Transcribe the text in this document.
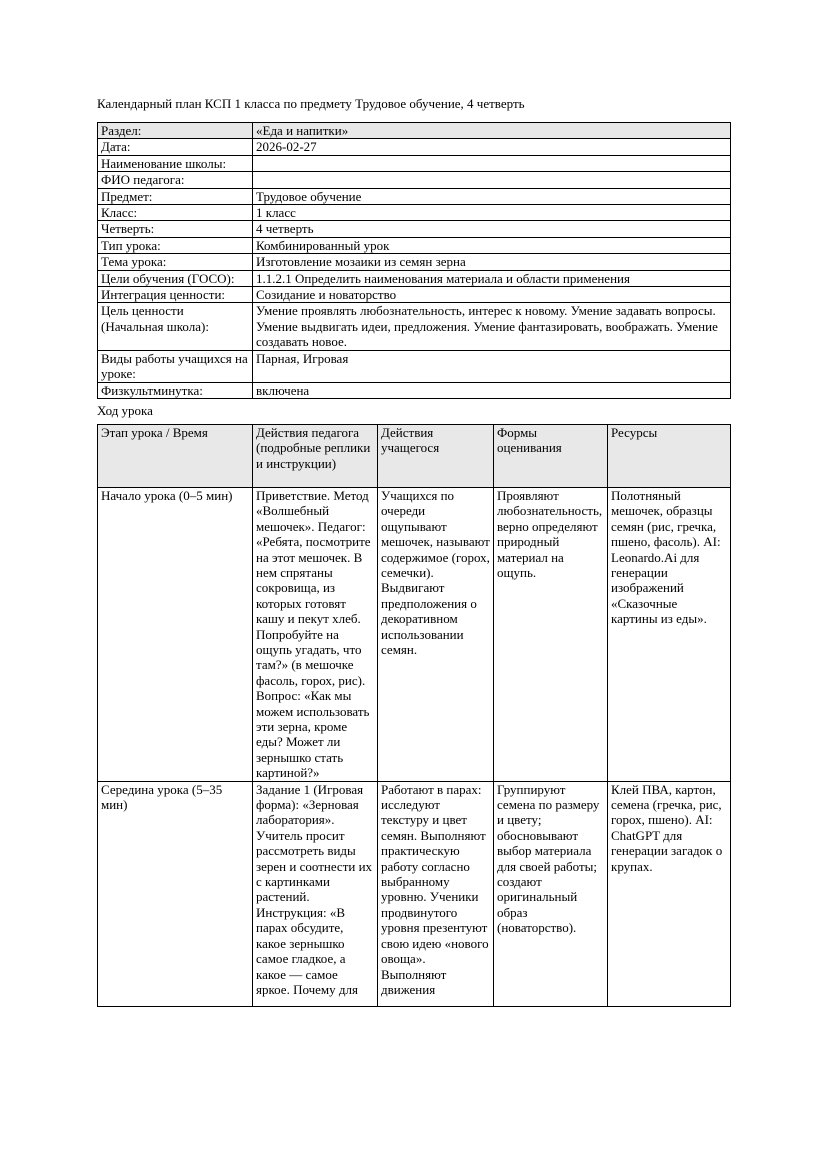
Календарный план КСП 1 класса по предмету Трудовое обучение, 4 четверть

Раздел:	«Еда и напитки»
Дата:	2026-02-27
Наименование школы:	
ФИО педагога:	
Предмет:	Трудовое обучение
Класс:	1 класс
Четверть:	4 четверть
Тип урока:	Комбинированный урок
Тема урока:	Изготовление мозаики из семян зерна
Цели обучения (ГОСО):	1.1.2.1 Определить наименования материала и области применения
Интеграция ценности:	Созидание и новаторство
Цель ценности (Начальная школа):	Умение проявлять любознательность, интерес к новому. Умение задавать вопросы. Умение выдвигать идеи, предложения. Умение фантазировать, воображать. Умение создавать новое.
Виды работы учащихся на уроке:	Парная, Игровая
Физкультминутка:	включена

Ход урока

Этап урока / Время	Действия педагога (подробные реплики и инструкции)	Действия учащегося	Формы оценивания	Ресурсы
Начало урока (0–5 мин)	Приветствие. Метод «Волшебный мешочек». Педагог: «Ребята, посмотрите на этот мешочек. В нем спрятаны сокровища, из которых готовят кашу и пекут хлеб. Попробуйте на ощупь угадать, что там?» (в мешочке фасоль, горох, рис). Вопрос: «Как мы можем использовать эти зерна, кроме еды? Может ли зернышко стать картиной?»	Учащихся по очереди ощупывают мешочек, называют содержимое (горох, семечки). Выдвигают предположения о декоративном использовании семян.	Проявляют любознательность, верно определяют природный материал на ощупь.	Полотняный мешочек, образцы семян (рис, гречка, пшено, фасоль). AI: Leonardo.Ai для генерации изображений «Сказочные картины из еды».

Середина урока (5–35 мин)	Задание 1 (Игровая форма): «Зерновая лаборатория». Учитель просит рассмотреть виды зерен и соотнести их с картинками растений. Инструкция: «В парах обсудите, какое зернышко самое гладкое, а какое — самое яркое. Почему для	Работают в парах: исследуют текстуру и цвет семян. Выполняют практическую работу согласно выбранному уровню. Ученики продвинутого уровня презентуют свою идею «нового овоща». Выполняют движения	Группируют семена по размеру и цвету; обосновывают выбор материала для своей работы; создают оригинальный образ (новаторство).	Клей ПВА, картон, семена (гречка, рис, горох, пшено). AI: ChatGPT для генерации загадок о крупах.
